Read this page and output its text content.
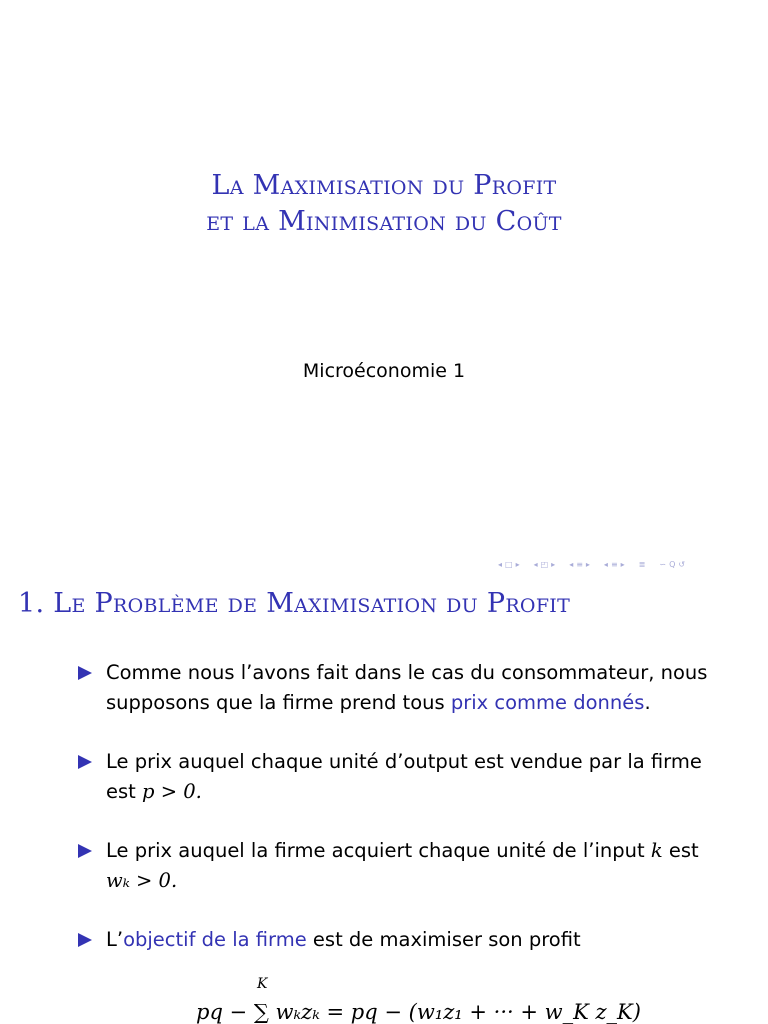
La Maximisation du Profit
et la Minimisation du Coût
Microéconomie 1
◂ □ ▸ ◂ ◰ ▸ ◂ ≡ ▸ ◂ ≡ ▸ ≣ ∽ Q ↺
1. Le Problème de Maximisation du Profit
Comme nous l’avons fait dans le cas du consommateur, nous supposons que la firme prend tous prix comme donnés.
Le prix auquel chaque unité d’output est vendue par la firme est p > 0.
Le prix auquel la firme acquiert chaque unité de l’input k est wₖ > 0.
L’objectif de la firme est de maximiser son profit
K
pq − ∑ wₖzₖ = pq − (w₁z₁ + ··· + w_K z_K)
